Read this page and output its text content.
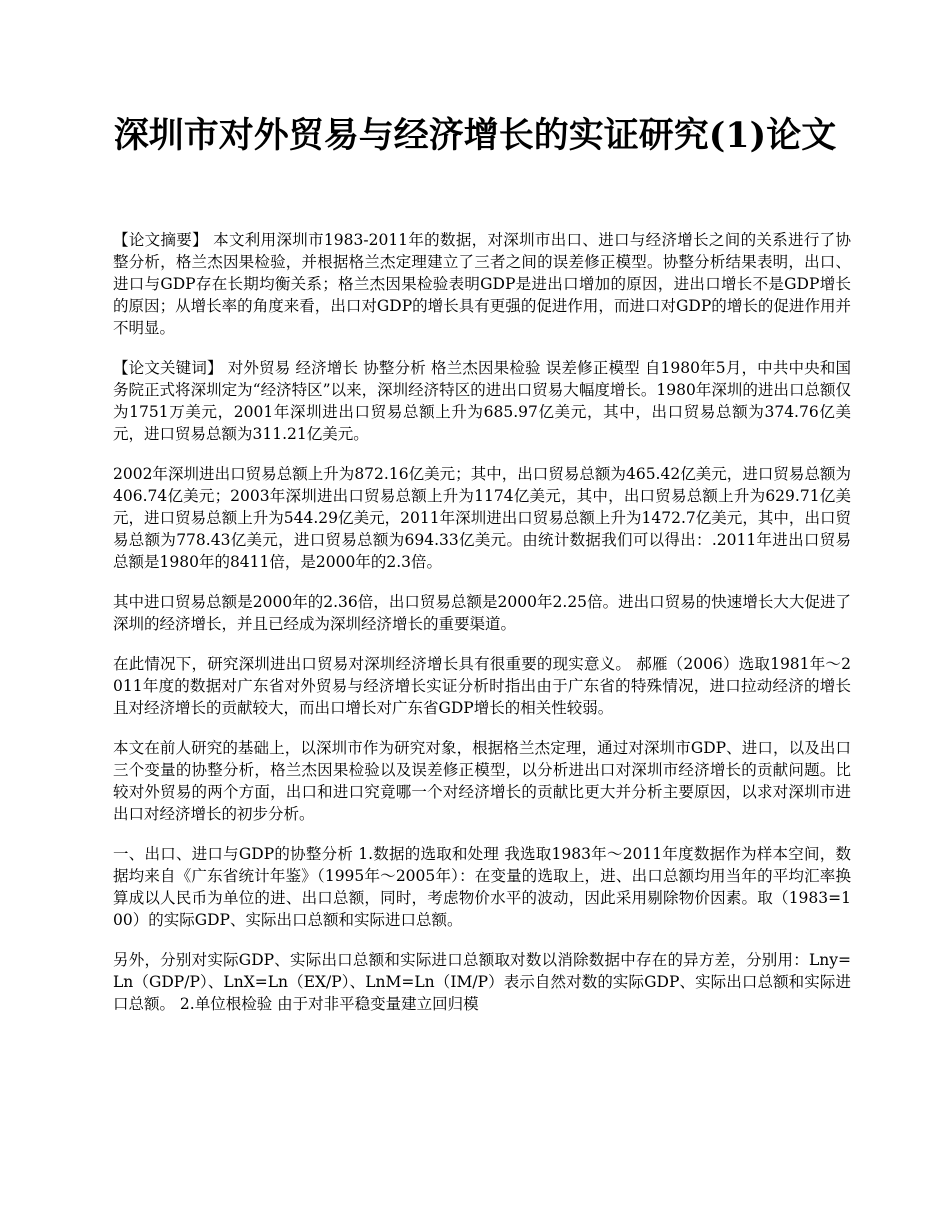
深圳市对外贸易与经济增长的实证研究(1)论文

【论文摘要】 本文利用深圳市1983-2011年的数据，对深圳市出口、进口与经济增长之间的关系进行了协整分析，格兰杰因果检验，并根据格兰杰定理建立了三者之间的误差修正模型。协整分析结果表明，出口、进口与GDP存在长期均衡关系；格兰杰因果检验表明GDP是进出口增加的原因，进出口增长不是GDP增长的原因；从增长率的角度来看，出口对GDP的增长具有更强的促进作用，而进口对GDP的增长的促进作用并不明显。

【论文关键词】 对外贸易 经济增长 协整分析 格兰杰因果检验 误差修正模型 自1980年5月，中共中央和国务院正式将深圳定为“经济特区”以来，深圳经济特区的进出口贸易大幅度增长。1980年深圳的进出口总额仅为1751万美元，2001年深圳进出口贸易总额上升为685.97亿美元，其中，出口贸易总额为374.76亿美元，进口贸易总额为311.21亿美元。

2002年深圳进出口贸易总额上升为872.16亿美元；其中，出口贸易总额为465.42亿美元，进口贸易总额为406.74亿美元；2003年深圳进出口贸易总额上升为1174亿美元，其中，出口贸易总额上升为629.71亿美元，进口贸易总额上升为544.29亿美元，2011年深圳进出口贸易总额上升为1472.7亿美元，其中，出口贸易总额为778.43亿美元，进口贸易总额为694.33亿美元。由统计数据我们可以得出：.2011年进出口贸易总额是1980年的8411倍，是2000年的2.3倍。

其中进口贸易总额是2000年的2.36倍，出口贸易总额是2000年2.25倍。进出口贸易的快速增长大大促进了深圳的经济增长，并且已经成为深圳经济增长的重要渠道。

在此情况下，研究深圳进出口贸易对深圳经济增长具有很重要的现实意义。 郝雁（2006）选取1981年～2011年度的数据对广东省对外贸易与经济增长实证分析时指出由于广东省的特殊情况，进口拉动经济的增长且对经济增长的贡献较大，而出口增长对广东省GDP增长的相关性较弱。

本文在前人研究的基础上，以深圳市作为研究对象，根据格兰杰定理，通过对深圳市GDP、进口，以及出口三个变量的协整分析，格兰杰因果检验以及误差修正模型，以分析进出口对深圳市经济增长的贡献问题。比较对外贸易的两个方面，出口和进口究竟哪一个对经济增长的贡献比更大并分析主要原因，以求对深圳市进出口对经济增长的初步分析。

一、出口、进口与GDP的协整分析 1.数据的选取和处理 我选取1983年～2011年度数据作为样本空间，数据均来自《广东省统计年鉴》（1995年～2005年）：在变量的选取上，进、出口总额均用当年的平均汇率换算成以人民币为单位的进、出口总额，同时，考虑物价水平的波动，因此采用剔除物价因素。取（1983=100）的实际GDP、实际出口总额和实际进口总额。

另外，分别对实际GDP、实际出口总额和实际进口总额取对数以消除数据中存在的异方差，分别用：Lny=Ln（GDP/P）、LnX=Ln（EX/P）、LnM=Ln（IM/P）表示自然对数的实际GDP、实际出口总额和实际进口总额。 2.单位根检验 由于对非平稳变量建立回归模
